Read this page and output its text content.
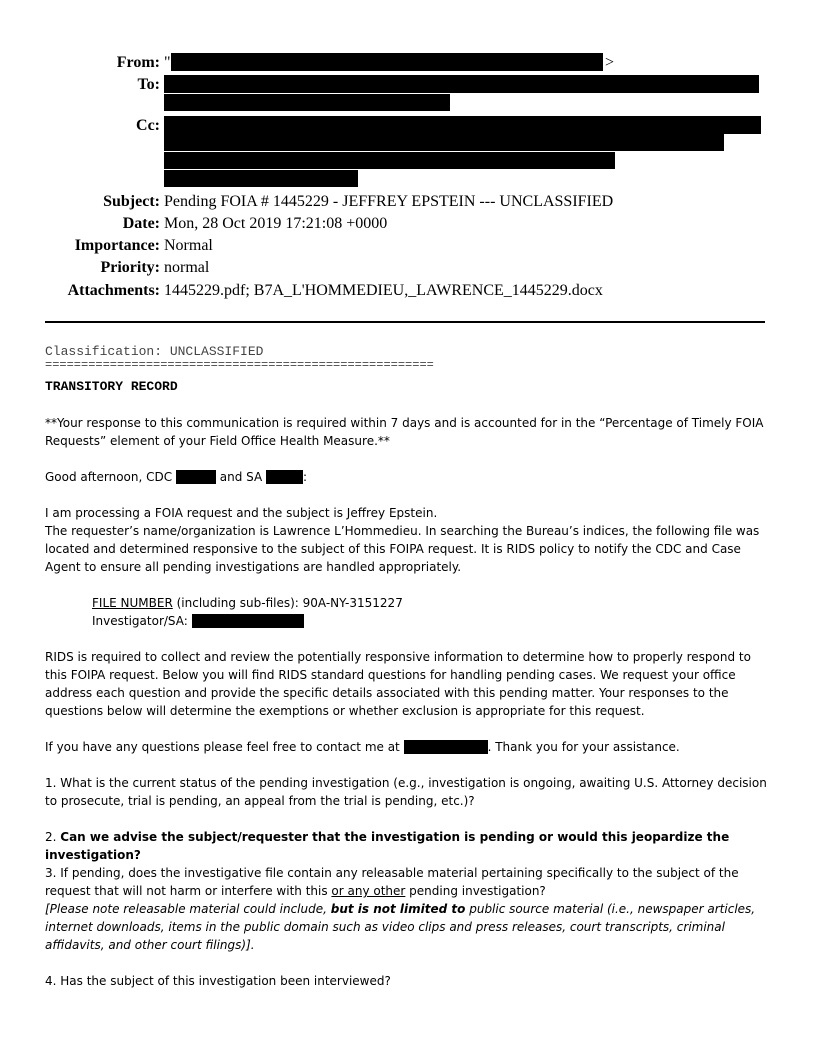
From: "	>
To:
Cc:
Subject: Pending FOIA # 1445229 - JEFFREY EPSTEIN --- UNCLASSIFIED
Date: Mon, 28 Oct 2019 17:21:08 +0000
Importance: Normal
Priority: normal
Attachments: 1445229.pdf; B7A_L'HOMMEDIEU,_LAWRENCE_1445229.docx
Classification: UNCLASSIFIED
======================================================
TRANSITORY RECORD
**Your response to this communication is required within 7 days and is accounted for in the “Percentage of Timely FOIA Requests” element of your Field Office Health Measure.**
Good afternoon, CDC	and SA	:

I am processing a FOIA request and the subject is Jeffrey Epstein.

The requester’s name/organization is Lawrence L’Hommedieu. In searching the Bureau’s indices, the following file was located and determined responsive to the subject of this FOIPA request. It is RIDS policy to notify the CDC and Case Agent to ensure all pending investigations are handled appropriately.

FILE NUMBER (including sub-files): 90A-NY-3151227

Investigator/SA:

RIDS is required to collect and review the potentially responsive information to determine how to properly respond to this FOIPA request. Below you will find RIDS standard questions for handling pending cases. We request your office address each question and provide the specific details associated with this pending matter. Your responses to the questions below will determine the exemptions or whether exclusion is appropriate for this request.
If you have any questions please feel free to contact me at	. Thank you for your assistance.
1. What is the current status of the pending investigation (e.g., investigation is ongoing, awaiting U.S. Attorney decision to prosecute, trial is pending, an appeal from the trial is pending, etc.)?
2. Can we advise the subject/requester that the investigation is pending or would this jeopardize the investigation?

3. If pending, does the investigative file contain any releasable material pertaining specifically to the subject of the request that will not harm or interfere with this or any other pending investigation?

[Please note releasable material could include, but is not limited to public source material (i.e., newspaper articles, internet downloads, items in the public domain such as video clips and press releases, court transcripts, criminal affidavits, and other court filings)].

4. Has the subject of this investigation been interviewed?
